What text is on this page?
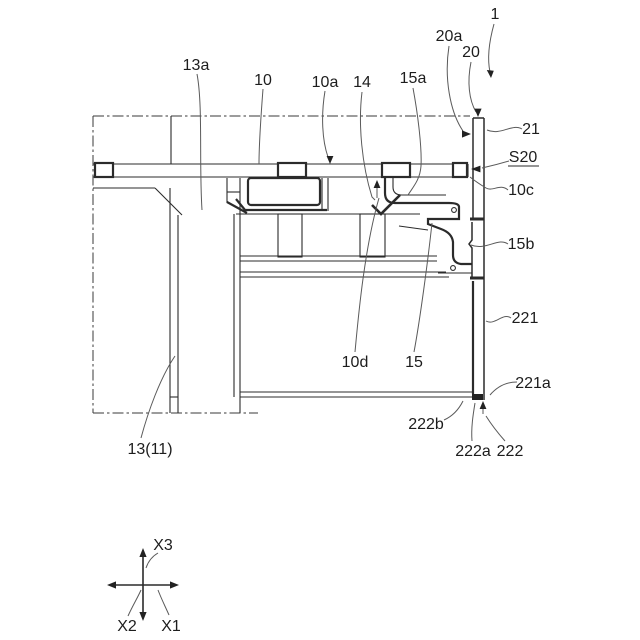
13a
10 10a 14 15a
20a
20
1
21
S20
10c
15b
221
221a
222b
222a 222
10d 15
13(11)
X3
X2 X1
